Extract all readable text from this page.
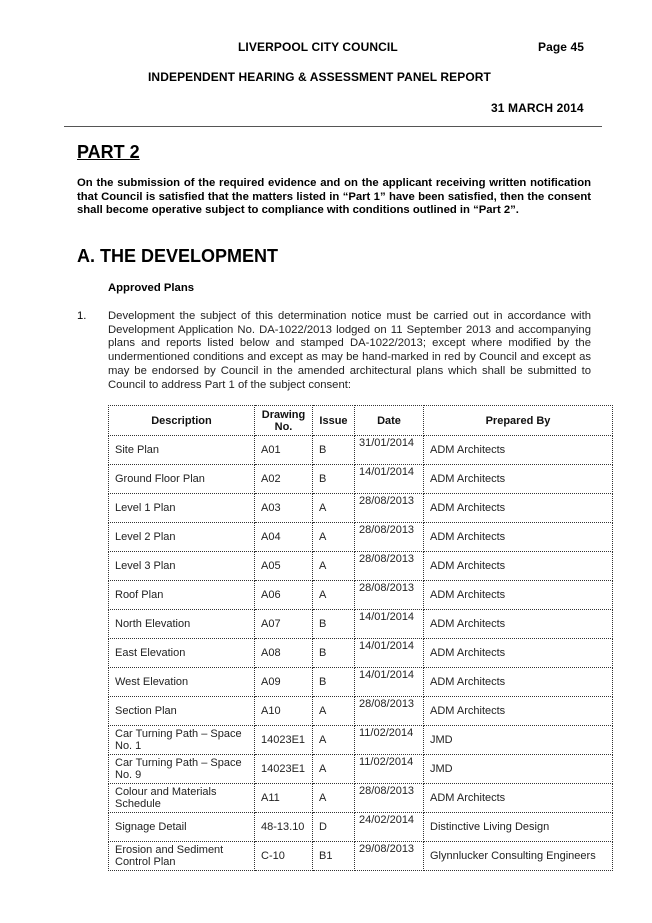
LIVERPOOL CITY COUNCIL	Page 45
INDEPENDENT HEARING & ASSESSMENT PANEL REPORT
31 MARCH 2014
PART 2
On the submission of the required evidence and on the applicant receiving written notification that Council is satisfied that the matters listed in “Part 1” have been satisfied, then the consent shall become operative subject to compliance with conditions outlined in “Part 2”.
A. THE DEVELOPMENT
Approved Plans
1. Development the subject of this determination notice must be carried out in accordance with Development Application No. DA-1022/2013 lodged on 11 September 2013 and accompanying plans and reports listed below and stamped DA-1022/2013; except where modified by the undermentioned conditions and except as may be hand-marked in red by Council and except as may be endorsed by Council in the amended architectural plans which shall be submitted to Council to address Part 1 of the subject consent:
Description	Drawing No.	Issue	Date	Prepared By
Site Plan	A01	B	31/01/2014	ADM Architects
Ground Floor Plan	A02	B	14/01/2014	ADM Architects
Level 1 Plan	A03	A	28/08/2013	ADM Architects
Level 2 Plan	A04	A	28/08/2013	ADM Architects
Level 3 Plan	A05	A	28/08/2013	ADM Architects
Roof Plan	A06	A	28/08/2013	ADM Architects
North Elevation	A07	B	14/01/2014	ADM Architects
East Elevation	A08	B	14/01/2014	ADM Architects
West Elevation	A09	B	14/01/2014	ADM Architects
Section Plan	A10	A	28/08/2013	ADM Architects
Car Turning Path – Space No. 1	14023E1	A	11/02/2014	JMD
Car Turning Path – Space No. 9	14023E1	A	11/02/2014	JMD
Colour and Materials Schedule	A11	A	28/08/2013	ADM Architects
Signage Detail	48-13.10	D	24/02/2014	Distinctive Living Design
Erosion and Sediment Control Plan	C-10	B1	29/08/2013	Glynnlucker Consulting Engineers
